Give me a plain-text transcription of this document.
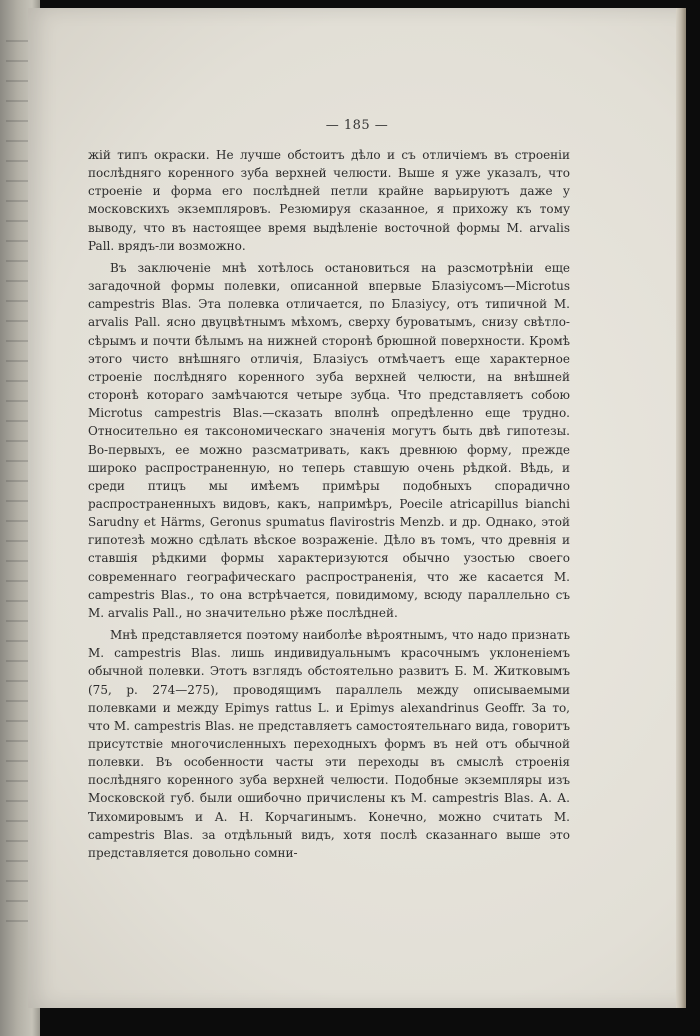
— 185 —

жій типъ окраски. Не лучше обстоитъ дѣло и съ отличіемъ въ строеніи послѣдняго коренного зуба верхней челюсти. Выше я уже указалъ, что строеніе и форма его послѣдней петли крайне варьируютъ даже у московскихъ экземпляровъ. Резюмируя сказанное, я прихожу къ тому выводу, что въ настоящее время выдѣленіе восточной формы M. arvalis Pall. врядъ-ли возможно.

Въ заключеніе мнѣ хотѣлось остановиться на разсмотрѣніи еще загадочной формы полевки, описанной впервые Блазіусомъ—Microtus campestris Blas. Эта полевка отличается, по Блазіусу, отъ типичной M. arvalis Pall. ясно двуцвѣтнымъ мѣхомъ, сверху буроватымъ, снизу свѣтло-сѣрымъ и почти бѣлымъ на нижней сторонѣ брюшной поверхности. Кромѣ этого чисто внѣшняго отличія, Блазіусъ отмѣчаетъ еще характерное строеніе послѣдняго коренного зуба верхней челюсти, на внѣшней сторонѣ котораго замѣчаются четыре зубца. Что представляетъ собою Microtus campestris Blas.—сказать вполнѣ опредѣленно еще трудно. Относительно ея таксономическаго значенія могутъ быть двѣ гипотезы. Во-первыхъ, ее можно разсматривать, какъ древнюю форму, прежде широко распространенную, но теперь ставшую очень рѣдкой. Вѣдь, и среди птицъ мы имѣемъ примѣры подобныхъ спорадично распространенныхъ видовъ, какъ, напримѣръ, Poecile atricapillus bianchi Sarudny et Härms, Geronus spumatus flavirostris Menzb. и др. Однако, этой гипотезѣ можно сдѣлать вѣское возраженіе. Дѣло въ томъ, что древнія и ставшія рѣдкими формы характеризуются обычно узостью своего современнаго географическаго распространенія, что же касается M. campestris Blas., то она встрѣчается, повидимому, всюду параллельно съ M. arvalis Pall., но значительно рѣже послѣдней.

Мнѣ представляется поэтому наиболѣе вѣроятнымъ, что надо признать M. campestris Blas. лишь индивидуальнымъ красочнымъ уклоненіемъ обычной полевки. Этотъ взглядъ обстоятельно развитъ Б. М. Житковымъ (75, p. 274—275), проводящимъ параллель между описываемыми полевками и между Epimys rattus L. и Epimys alexandrinus Geoffr. За то, что M. campestris Blas. не представляетъ самостоятельнаго вида, говоритъ присутствіе многочисленныхъ переходныхъ формъ въ ней отъ обычной полевки. Въ особенности часты эти переходы въ смыслѣ строенія послѣдняго коренного зуба верхней челюсти. Подобные экземпляры изъ Московской губ. были ошибочно причислены къ M. campestris Blas. А. А. Тихомировымъ и А. Н. Корчагинымъ. Конечно, можно считать M. campestris Blas. за отдѣльный видъ, хотя послѣ сказаннаго выше это представляется довольно сомни-
